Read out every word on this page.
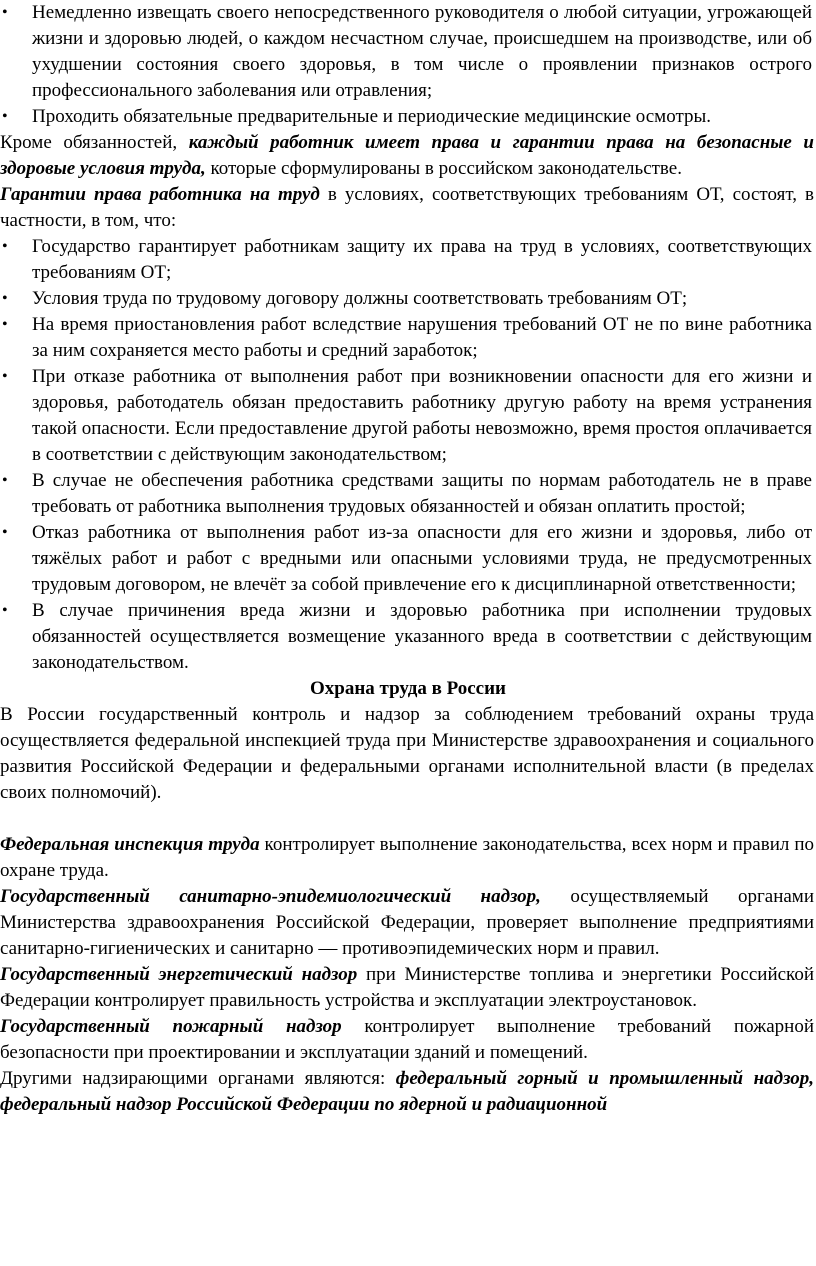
• Немедленно извещать своего непосредственного руководителя о любой ситуации, угрожающей жизни и здоровью людей, о каждом несчастном случае, происшедшем на производстве, или об ухудшении состояния своего здоровья, в том числе о проявлении признаков острого профессионального заболевания или отравления;
• Проходить обязательные предварительные и периодические медицинские осмотры.

Кроме обязанностей, каждый работник имеет права и гарантии права на безопасные и здоровые условия труда, которые сформулированы в российском законодательстве.

Гарантии права работника на труд в условиях, соответствующих требованиям ОТ, состоят, в частности, в том, что:

• Государство гарантирует работникам защиту их права на труд в условиях, соответствующих требованиям ОТ;
• Условия труда по трудовому договору должны соответствовать требованиям ОТ;
• На время приостановления работ вследствие нарушения требований ОТ не по вине работника за ним сохраняется место работы и средний заработок;
• При отказе работника от выполнения работ при возникновении опасности для его жизни и здоровья, работодатель обязан предоставить работнику другую работу на время устранения такой опасности. Если предоставление другой работы невозможно, время простоя оплачивается в соответствии с действующим законодательством;
• В случае не обеспечения работника средствами защиты по нормам работодатель не в праве требовать от работника выполнения трудовых обязанностей и обязан оплатить простой;
• Отказ работника от выполнения работ из-за опасности для его жизни и здоровья, либо от тяжёлых работ и работ с вредными или опасными условиями труда, не предусмотренных трудовым договором, не влечёт за собой привлечение его к дисциплинарной ответственности;
• В случае причинения вреда жизни и здоровью работника при исполнении трудовых обязанностей осуществляется возмещение указанного вреда в соответствии с действующим законодательством.
Охрана труда в России

В России государственный контроль и надзор за соблюдением требований охраны труда осуществляется федеральной инспекцией труда при Министерстве здравоохранения и социального развития Российской Федерации и федеральными органами исполнительной власти (в пределах своих полномочий).

Федеральная инспекция труда контролирует выполнение законодательства, всех норм и правил по охране труда.

Государственный санитарно-эпидемиологический надзор, осуществляемый органами Министерства здравоохранения Российской Федерации, проверяет выполнение предприятиями санитарно-гигиенических и санитарно — противоэпидемических норм и правил.

Государственный энергетический надзор при Министерстве топлива и энергетики Российской Федерации контролирует правильность устройства и эксплуатации электроустановок.

Государственный пожарный надзор контролирует выполнение требований пожарной безопасности при проектировании и эксплуатации зданий и помещений.

Другими надзирающими органами являются: федеральный горный и промышленный надзор, федеральный надзор Российской Федерации по ядерной и радиационной
